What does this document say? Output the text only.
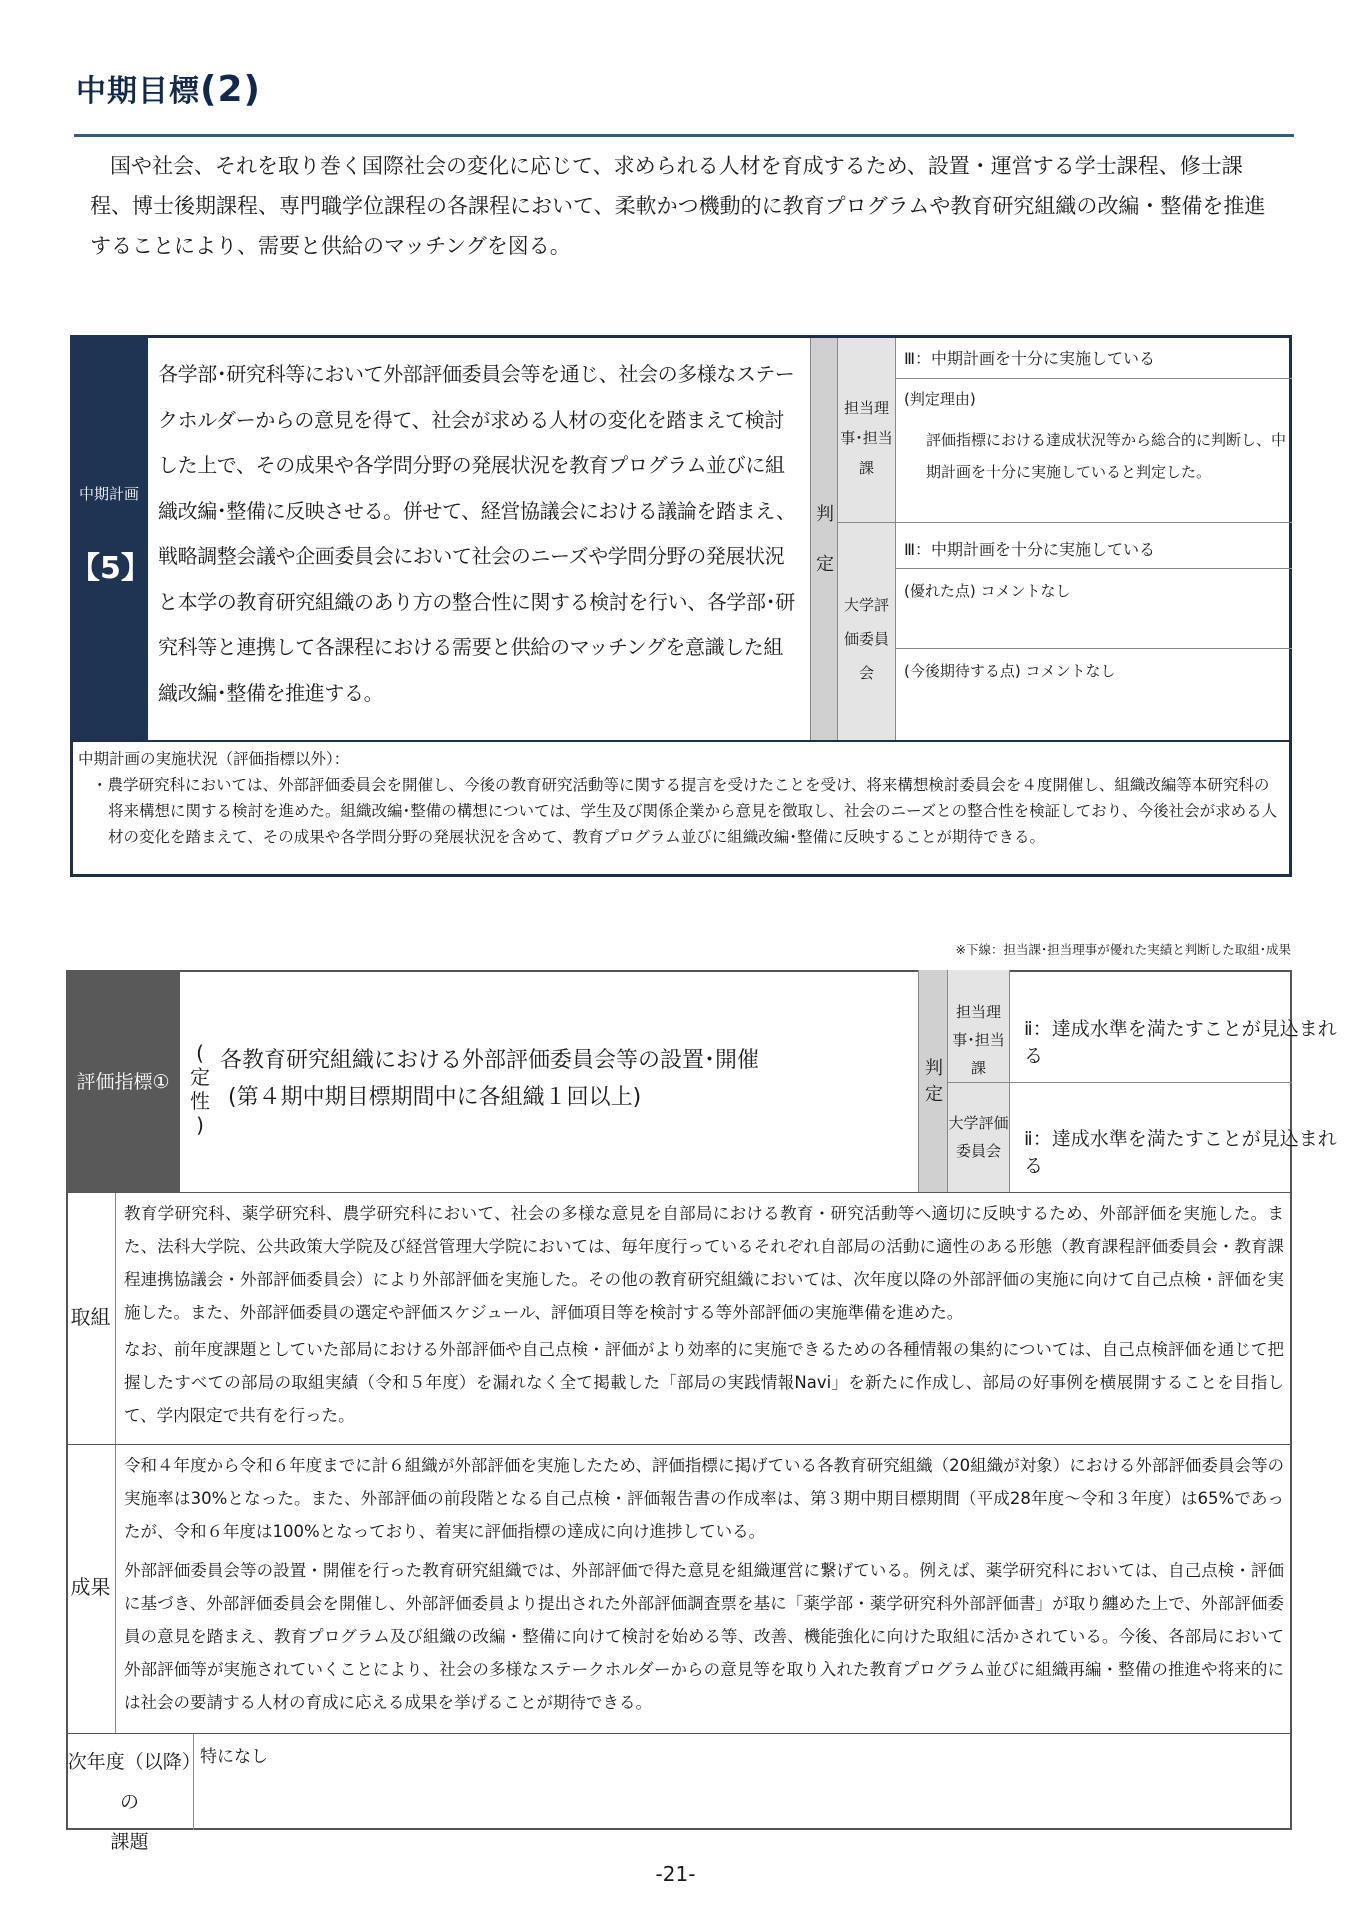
中期目標(2)
国や社会、それを取り巻く国際社会の変化に応じて、求められる人材を育成するため、設置・運営する学士課程、修士課程、博士後期課程、専門職学位課程の各課程において、柔軟かつ機動的に教育プログラムや教育研究組織の改編・整備を推進することにより、需要と供給のマッチングを図る。
中期計画
【5】
各学部･研究科等において外部評価委員会等を通じ、社会の多様なステークホルダーからの意見を得て、社会が求める人材の変化を踏まえて検討した上で、その成果や各学問分野の発展状況を教育プログラム並びに組織改編･整備に反映させる。併せて、経営協議会における議論を踏まえ、戦略調整会議や企画委員会において社会のニーズや学問分野の発展状況と本学の教育研究組織のあり方の整合性に関する検討を行い、各学部･研究科等と連携して各課程における需要と供給のマッチングを意識した組織改編･整備を推進する。
判
定
担当理事･担当課
大学評価委員会
Ⅲ：中期計画を十分に実施している
(判定理由)
評価指標における達成状況等から総合的に判断し、中期計画を十分に実施していると判定した。
Ⅲ：中期計画を十分に実施している
(優れた点) コメントなし
(今後期待する点) コメントなし
中期計画の実施状況（評価指標以外）：
・農学研究科においては、外部評価委員会を開催し、今後の教育研究活動等に関する提言を受けたことを受け、将来構想検討委員会を４度開催し、組織改編等本研究科の将来構想に関する検討を進めた。組織改編･整備の構想については、学生及び関係企業から意見を徴取し、社会のニーズとの整合性を検証しており、今後社会が求める人材の変化を踏まえて、その成果や各学問分野の発展状況を含めて、教育プログラム並びに組織改編･整備に反映することが期待できる。
※下線：担当課･担当理事が優れた実績と判断した取組･成果
評価指標①
(
定
性
)
各教育研究組織における外部評価委員会等の設置･開催
(第４期中期目標期間中に各組織１回以上)
判
定
担当理事･担当課
ⅱ：達成水準を満たすことが見込まれる
大学評価委員会
ⅱ：達成水準を満たすことが見込まれる
取組
教育学研究科、薬学研究科、農学研究科において、社会の多様な意見を自部局における教育・研究活動等へ適切に反映するため、外部評価を実施した。また、法科大学院、公共政策大学院及び経営管理大学院においては、毎年度行っているそれぞれ自部局の活動に適性のある形態（教育課程評価委員会・教育課程連携協議会・外部評価委員会）により外部評価を実施した。その他の教育研究組織においては、次年度以降の外部評価の実施に向けて自己点検・評価を実施した。また、外部評価委員の選定や評価スケジュール、評価項目等を検討する等外部評価の実施準備を進めた。
なお、前年度課題としていた部局における外部評価や自己点検・評価がより効率的に実施できるための各種情報の集約については、自己点検評価を通じて把握したすべての部局の取組実績（令和５年度）を漏れなく全て掲載した「部局の実践情報Navi」を新たに作成し、部局の好事例を横展開することを目指して、学内限定で共有を行った。
成果
令和４年度から令和６年度までに計６組織が外部評価を実施したため、評価指標に掲げている各教育研究組織（20組織が対象）における外部評価委員会等の実施率は30%となった。また、外部評価の前段階となる自己点検・評価報告書の作成率は、第３期中期目標期間（平成28年度～令和３年度）は65%であったが、令和６年度は100%となっており、着実に評価指標の達成に向け進捗している。
外部評価委員会等の設置・開催を行った教育研究組織では、外部評価で得た意見を組織運営に繋げている。例えば、薬学研究科においては、自己点検・評価に基づき、外部評価委員会を開催し、外部評価委員より提出された外部評価調査票を基に「薬学部・薬学研究科外部評価書」が取り纏めた上で、外部評価委員の意見を踏まえ、教育プログラム及び組織の改編・整備に向けて検討を始める等、改善、機能強化に向けた取組に活かされている。今後、各部局において外部評価等が実施されていくことにより、社会の多様なステークホルダーからの意見等を取り入れた教育プログラム並びに組織再編・整備の推進や将来的には社会の要請する人材の育成に応える成果を挙げることが期待できる。
次年度（以降）の
課題
特になし
-21-
